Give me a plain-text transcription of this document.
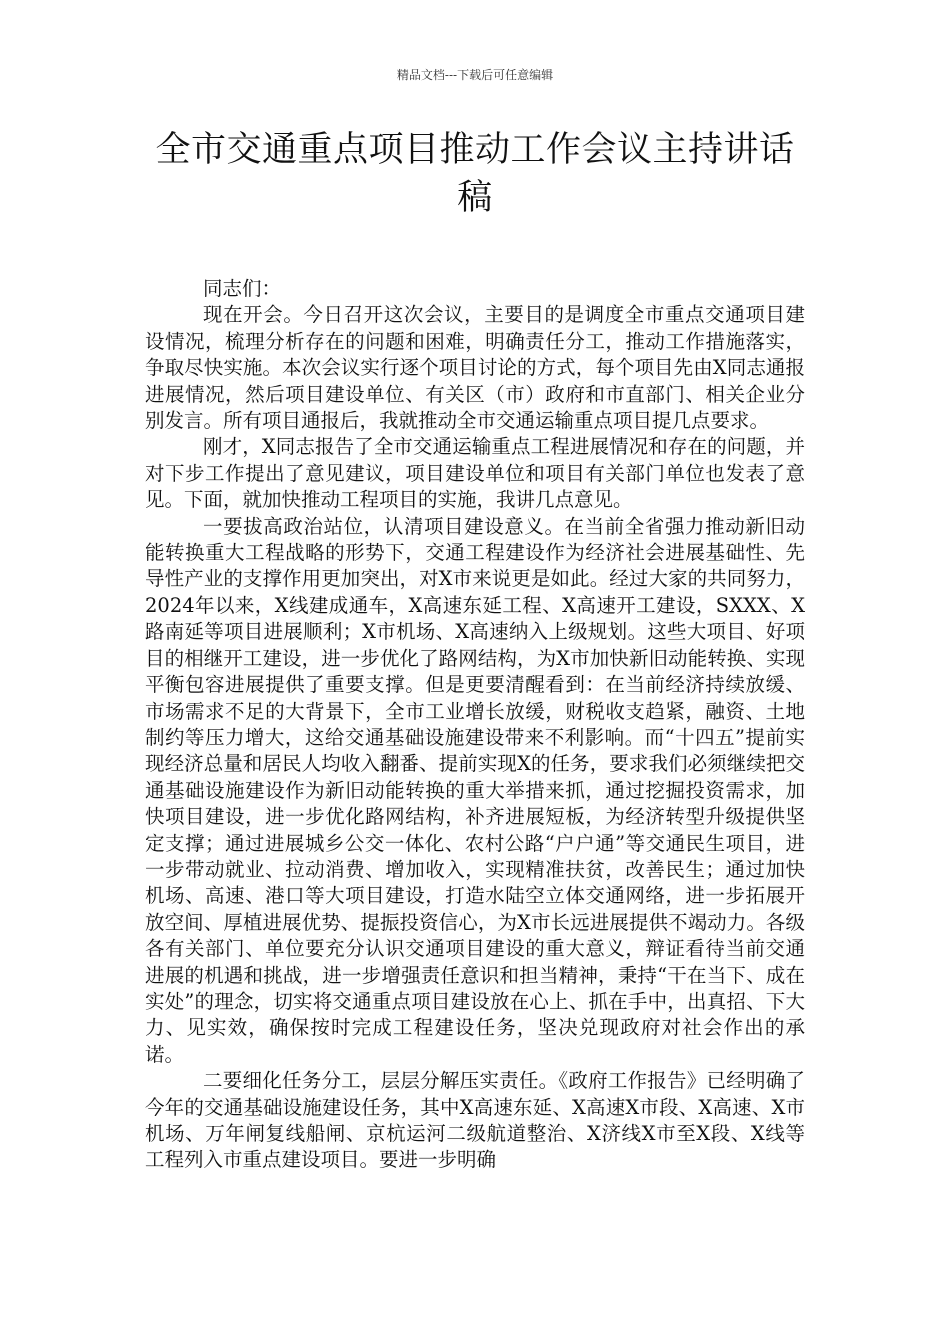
精品文档---下载后可任意编辑
全市交通重点项目推动工作会议主持讲话稿

同志们：

现在开会。今日召开这次会议，主要目的是调度全市重点交通项目建设情况，梳理分析存在的问题和困难，明确责任分工，推动工作措施落实，争取尽快实施。本次会议实行逐个项目讨论的方式，每个项目先由X同志通报进展情况，然后项目建设单位、有关区（市）政府和市直部门、相关企业分别发言。所有项目通报后，我就推动全市交通运输重点项目提几点要求。

刚才，X同志报告了全市交通运输重点工程进展情况和存在的问题，并对下步工作提出了意见建议，项目建设单位和项目有关部门单位也发表了意见。下面，就加快推动工程项目的实施，我讲几点意见。

一要拔高政治站位，认清项目建设意义。在当前全省强力推动新旧动能转换重大工程战略的形势下，交通工程建设作为经济社会进展基础性、先导性产业的支撑作用更加突出，对X市来说更是如此。经过大家的共同努力，2024年以来，X线建成通车，X高速东延工程、X高速开工建设，SXXX、X路南延等项目进展顺利；X市机场、X高速纳入上级规划。这些大项目、好项目的相继开工建设，进一步优化了路网结构，为X市加快新旧动能转换、实现平衡包容进展提供了重要支撑。但是更要清醒看到：在当前经济持续放缓、市场需求不足的大背景下，全市工业增长放缓，财税收支趋紧，融资、土地制约等压力增大，这给交通基础设施建设带来不利影响。而“十四五”提前实现经济总量和居民人均收入翻番、提前实现X的任务，要求我们必须继续把交通基础设施建设作为新旧动能转换的重大举措来抓，通过挖掘投资需求，加快项目建设，进一步优化路网结构，补齐进展短板，为经济转型升级提供坚定支撑；通过进展城乡公交一体化、农村公路“户户通”等交通民生项目，进一步带动就业、拉动消费、增加收入，实现精准扶贫，改善民生；通过加快机场、高速、港口等大项目建设，打造水陆空立体交通网络，进一步拓展开放空间、厚植进展优势、提振投资信心，为X市长远进展提供不竭动力。各级各有关部门、单位要充分认识交通项目建设的重大意义，辩证看待当前交通进展的机遇和挑战，进一步增强责任意识和担当精神，秉持“干在当下、成在实处”的理念，切实将交通重点项目建设放在心上、抓在手中，出真招、下大力、见实效，确保按时完成工程建设任务，坚决兑现政府对社会作出的承诺。

二要细化任务分工，层层分解压实责任。《政府工作报告》已经明确了今年的交通基础设施建设任务，其中X高速东延、X高速X市段、X高速、X市机场、万年闸复线船闸、京杭运河二级航道整治、X济线X市至X段、X线等工程列入市重点建设项目。要进一步明确
